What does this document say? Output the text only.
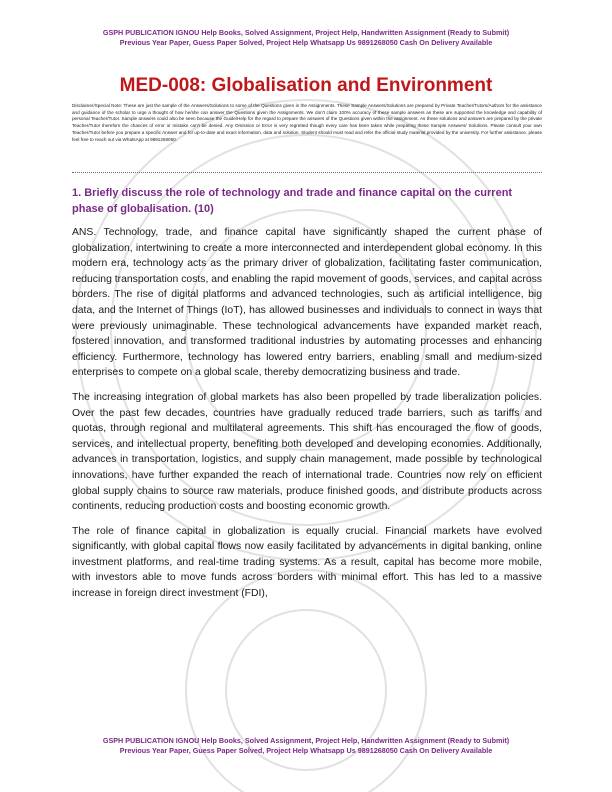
GSPH PUBLICATION IGNOU Help Books, Solved Assignment, Project Help, Handwritten Assignment (Ready to Submit)
Previous Year Paper, Guess Paper Solved, Project Help Whatsapp Us 9891268050 Cash On Delivery Available
MED-008: Globalisation and Environment
Disclaimer/Special Note: These are just the sample of the Answers/Solutions to some of the Questions given in the Assignments. These Sample Answers/Solutions are prepared by Private Teacher/Tutors/Authors for the assistance and guidance of the scholar to urge a thought of how he/she can answer the Questions given the Assignments. We don't claim 100% accuracy of these sample answers as these are supported the knowledge and capability of personal Teacher/Tutor. Sample answers could also be seen because the Guide/Help for the regard to prepare the answers of the Questions given within the assignment. As these solutions and answers are prepared by the private Teacher/Tutor therefore the chances of error or mistake can't be denied. Any Omission or Error is very regretted though every care has been taken while preparing these Sample Answers/ Solutions. Please consult your own Teacher/Tutor before you prepare a specific Answer and for up-to-date and exact information, data and solution. Student should must read and refer the official study material provided by the university. For further assistance, please feel free to reach out via WhatsApp at 9891268050.
1. Briefly discuss the role of technology and trade and finance capital on the current phase of globalisation. (10)

ANS. Technology, trade, and finance capital have significantly shaped the current phase of globalization, intertwining to create a more interconnected and interdependent global economy. In this modern era, technology acts as the primary driver of globalization, facilitating faster communication, reducing transportation costs, and enabling the rapid movement of goods, services, and capital across borders. The rise of digital platforms and advanced technologies, such as artificial intelligence, big data, and the Internet of Things (IoT), has allowed businesses and individuals to connect in ways that were previously unimaginable. These technological advancements have expanded market reach, fostered innovation, and transformed traditional industries by automating processes and enhancing efficiency. Furthermore, technology has lowered entry barriers, enabling small and medium-sized enterprises to compete on a global scale, thereby democratizing business and trade.

The increasing integration of global markets has also been propelled by trade liberalization policies. Over the past few decades, countries have gradually reduced trade barriers, such as tariffs and quotas, through regional and multilateral agreements. This shift has encouraged the flow of goods, services, and intellectual property, benefiting both developed and developing economies. Additionally, advances in transportation, logistics, and supply chain management, made possible by technological innovations, have further expanded the reach of international trade. Countries now rely on efficient global supply chains to source raw materials, produce finished goods, and distribute products across continents, reducing production costs and boosting economic growth.

The role of finance capital in globalization is equally crucial. Financial markets have evolved significantly, with global capital flows now easily facilitated by advancements in digital banking, online investment platforms, and real-time trading systems. As a result, capital has become more mobile, with investors able to move funds across borders with minimal effort. This has led to a massive increase in foreign direct investment (FDI),

GSPH PUBLICATION IGNOU Help Books, Solved Assignment, Project Help, Handwritten Assignment (Ready to Submit)
Previous Year Paper, Guess Paper Solved, Project Help Whatsapp Us 9891268050 Cash On Delivery Available
